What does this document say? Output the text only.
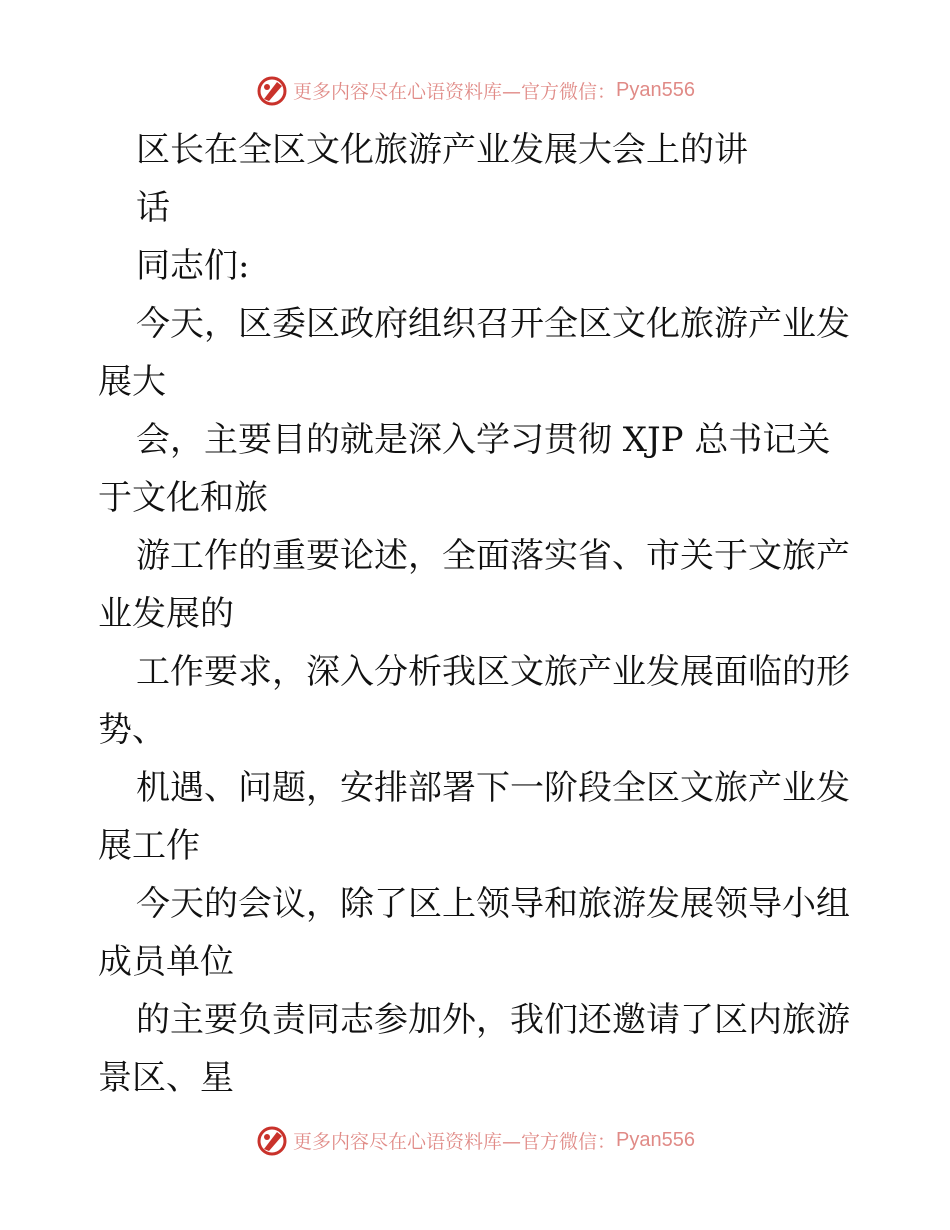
更多内容尽在心语资料库—官方微信： Pyan556
区长在全区文化旅游产业发展大会上的讲
话
同志们:
今天，区委区政府组织召开全区文化旅游产业发
展大
会，主要目的就是深入学习贯彻 XJP 总书记关
于文化和旅
游工作的重要论述，全面落实省、市关于文旅产
业发展的
工作要求，深入分析我区文旅产业发展面临的形
势、
机遇、问题，安排部署下一阶段全区文旅产业发
展工作
今天的会议，除了区上领导和旅游发展领导小组
成员单位
的主要负责同志参加外，我们还邀请了区内旅游
景区、星
更多内容尽在心语资料库—官方微信： Pyan556
